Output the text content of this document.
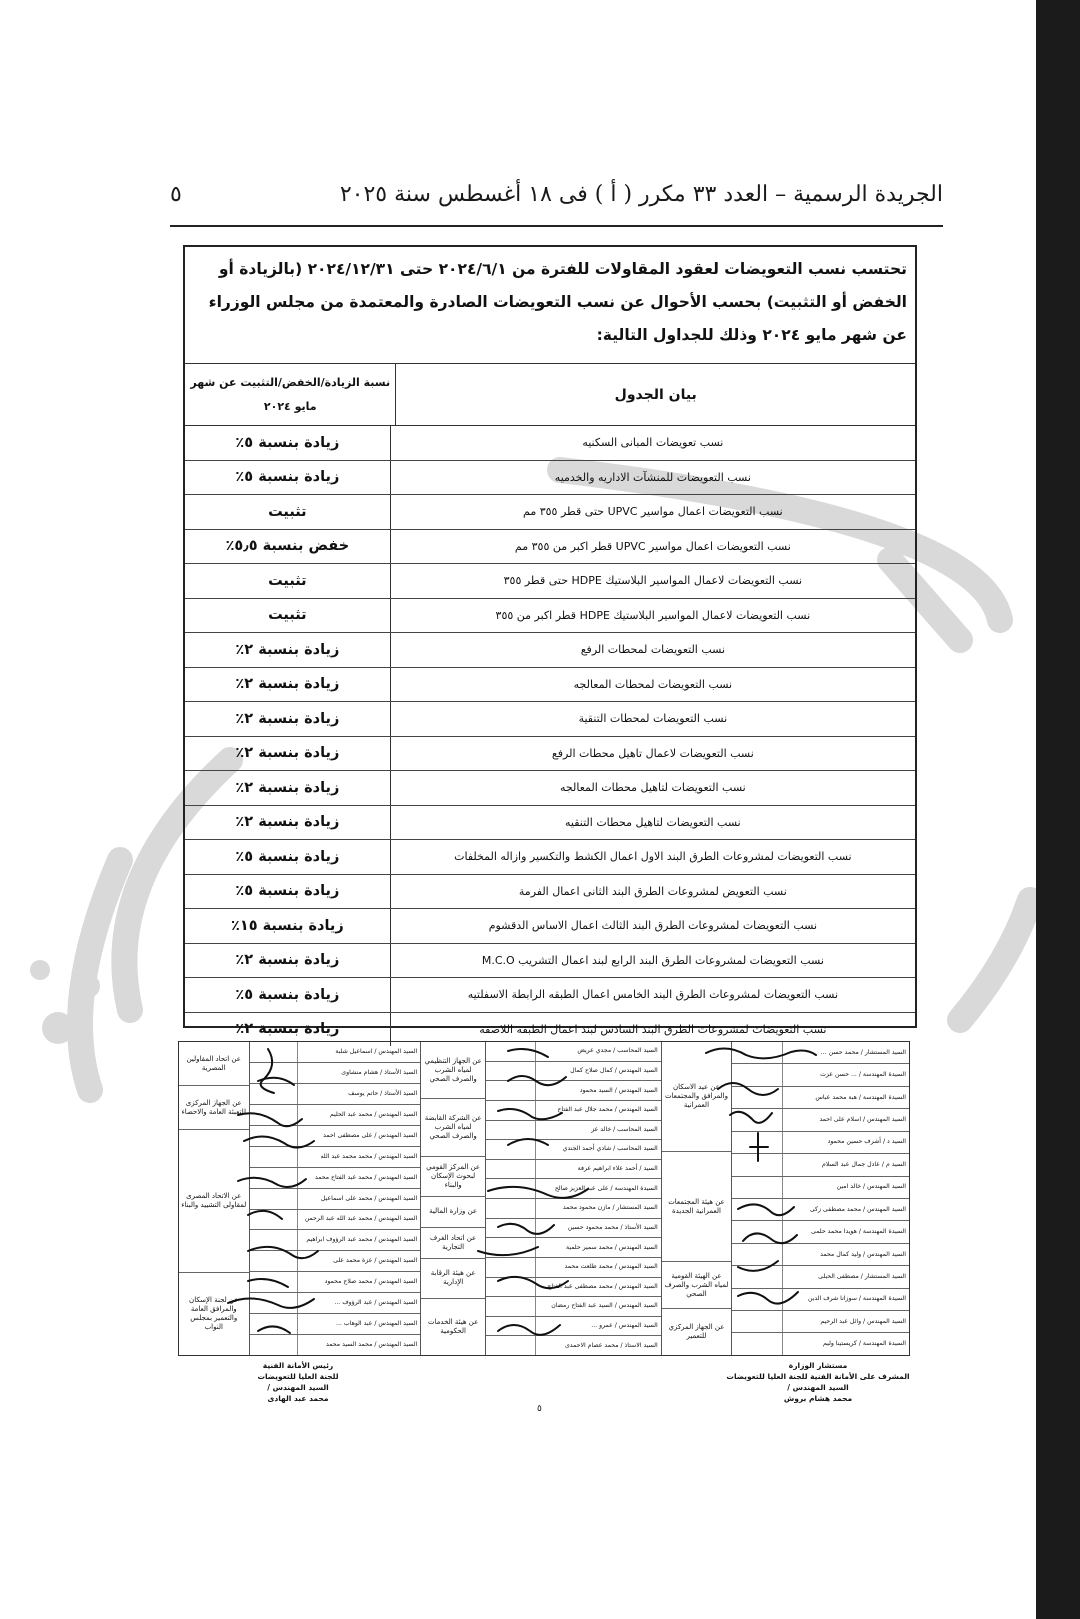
٥	الجريدة الرسمية – العدد ٣٣ مكرر ( أ ) فى ١٨ أغسطس سنة ٢٠٢٥
تحتسب نسب التعويضات لعقود المقاولات للفترة من ٢٠٢٤/٦/١ حتى ٢٠٢٤/١٢/٣١ (بالزيادة أو الخفض أو التثبيت) بحسب الأحوال عن نسب التعويضات الصادرة والمعتمدة من مجلس الوزراء عن شهر مايو ٢٠٢٤ وذلك للجداول التالية:
بيان الجدول
نسبة الزيادة/الخفض/التثبيت عن شهر مايو ٢٠٢٤
نسب تعويضات المبانى السكنيه
زيادة بنسبة ٥٪
نسب التعويضات للمنشآت الاداريه والخدميه
زيادة بنسبة ٥٪
نسب التعويضات اعمال مواسير UPVC حتى قطر ٣٥٥ مم
تثبيت
نسب التعويضات اعمال مواسير UPVC قطر اكبر من ٣٥٥ مم
خفض بنسبة ٥٫٥٪
نسب التعويضات لاعمال المواسير البلاستيك HDPE حتى قطر ٣٥٥
تثبيت
نسب التعويضات لاعمال المواسير البلاستيك HDPE قطر اكبر من ٣٥٥
تثبيت
نسب التعويضات لمحطات الرفع
زيادة بنسبة ٢٪
نسب التعويضات لمحطات المعالجه
زيادة بنسبة ٢٪
نسب التعويضات لمحطات التنقية
زيادة بنسبة ٢٪
نسب التعويضات لاعمال تاهيل محطات الرفع
زيادة بنسبة ٢٪
نسب التعويضات لتاهيل محطات المعالجه
زيادة بنسبة ٢٪
نسب التعويضات لتاهيل محطات التنقيه
زيادة بنسبة ٢٪
نسب التعويضات لمشروعات الطرق البند الاول اعمال الكشط والتكسير وازاله المخلفات
زيادة بنسبة ٥٪
نسب التعويض لمشروعات الطرق البند الثانى اعمال الفرمة
زيادة بنسبة ٥٪
نسب التعويضات لمشروعات الطرق البند الثالث اعمال الاساس الدقشوم
زيادة بنسبة ١٥٪
نسب التعويضات لمشروعات الطرق البند الرابع لبند اعمال التشريب M.C.O
زيادة بنسبة ٢٪
نسب التعويضات لمشروعات الطرق البند الخامس اعمال الطبقه الرابطة الاسفلتيه
زيادة بنسبة ٥٪
نسب التعويضات لمشروعات الطرق البند السادس لبند اعمال الطبقه اللاصقه
زيادة بنسبة ٢٪
السيد المستشار / محمد حسن ...
السيدة المهندسة / ... حسن عزت
السيدة المهندسة / هبة محمد عباس
السيد المهندس / اسلام على احمد
السيد د / أشرف حسين محمود
السيد م / عادل جمال عبد السلام
السيد المهندس / خالد امين
السيد المهندس / محمد مصطفى زكى
السيدة المهندسة / هويدا محمد حلمى
السيد المهندس / وليد كمال محمد
السيد المستشار / مصطفى الحبلى
السيدة المهندسة / سوزانا شرف الدين
السيد المهندس / وائل عبد الرحيم
السيدة المهندسة / كريستينا وليم
عن عيد الاسكان والمرافق والمجتمعات العمرانية
عن هيئة المجتمعات العمرانية الجديدة
عن الهيئة القومية لمياه الشرب والصرف الصحي
عن الجهاز المركزي للتعمير
السيد المحاسب / مجدي عريض
السيد المهندس / كمال صلاح كمال
السيد المهندس / السيد محمود
السيد المهندس / محمد جلال عبد الفتاح
السيد المحاسب / خالد عز
السيد المحاسب / شادي أحمد الجندي
السيد / أحمد علاء ابراهيم عرفة
السيدة المهندسة / على عبد العزيز صالح
السيد المستشار / مازن محمود محمد
السيد الأستاذ / محمد محمود حسين
السيد المهندس / محمد سمير حلمية
السيد المهندس / محمد طلعت محمد
السيد المهندس / محمد مصطفى عبد الفتاح
السيد المهندس / السيد عبد الفتاح رمضان
السيد المهندس / عمرو ...
السيد الاستاذ / محمد عصام الاحمدى
عن الجهاز التنظيمي لمياه الشرب والصرف الصحي
عن الشركة القابضة لمياه الشرب والصرف الصحي
عن المركز القومي لبحوث الإسكان والبناء
عن وزارة المالية
عن اتحاد الغرف التجارية
عن هيئة الرقابة الإدارية
عن هيئة الخدمات الحكومية
السيد المهندس / اسماعيل شلبة
السيد الأستاذ / هشام منشاوى
السيد الأستاذ / حاتم يوسف
السيد المهندس / محمد عبد الحليم
السيد المهندس / على مصطفى احمد
السيد المهندس / محمد محمد عبد الله
السيد المهندس / محمد عبد الفتاح محمد
السيد المهندس / محمد على اسماعيل
السيد المهندس / محمد عبد الله عبد الرحمن
السيد المهندس / محمد عبد الرؤوف ابراهيم
السيد المهندس / عزة محمد على
السيد المهندس / محمد صلاح محمود
السيد المهندس / عبد الرؤوف ...
السيد المهندس / عبد الوهاب ...
السيد المهندس / محمد السيد محمد
عن اتحاد المقاولين المصرية
عن الجهاز المركزى للتعبئة العامة والاحصاء
عن الاتحاد المصرى لمقاولى التشييد والبناء
عن لجنة الإسكان والمرافق العامة والتعمير بمجلس النواب
رئيس الأمانة الفنية
للجنة العليا للتعويضات
السيد المهندس /
محمد عبد الهادى
مستشار الوزارة
المشرف على الأمانة الفنية للجنة العليا للتعويضات
السيد المهندس /
محمد هشام بروش
٥
